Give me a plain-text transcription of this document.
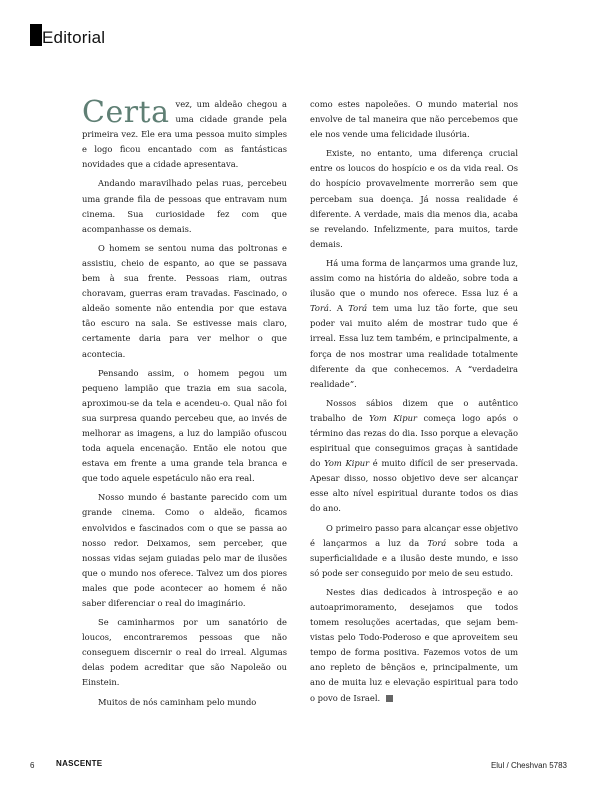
Editorial

Certa vez, um aldeão chegou a uma cidade grande pela primeira vez. Ele era uma pessoa muito simples e logo ficou encantado com as fantásticas novidades que a cidade apresentava.

Andando maravilhado pelas ruas, percebeu uma grande fila de pessoas que entravam num cinema. Sua curiosidade fez com que acompanhasse os demais.

O homem se sentou numa das poltronas e assistiu, cheio de espanto, ao que se passava bem à sua frente. Pessoas riam, outras choravam, guerras eram travadas. Fascinado, o aldeão somente não entendia por que estava tão escuro na sala. Se estivesse mais claro, certamente daria para ver melhor o que acontecia.

Pensando assim, o homem pegou um pequeno lampião que trazia em sua sacola, aproximou-se da tela e acendeu-o. Qual não foi sua surpresa quando percebeu que, ao invés de melhorar as imagens, a luz do lampião ofuscou toda aquela encenação. Então ele notou que estava em frente a uma grande tela branca e que todo aquele espetáculo não era real.

Nosso mundo é bastante parecido com um grande cinema. Como o aldeão, ficamos envolvidos e fascinados com o que se passa ao nosso redor. Deixamos, sem perceber, que nossas vidas sejam guiadas pelo mar de ilusões que o mundo nos oferece. Talvez um dos piores males que pode acontecer ao homem é não saber diferenciar o real do imaginário.

Se caminharmos por um sanatório de loucos, encontraremos pessoas que não conseguem discernir o real do irreal. Algumas delas podem acreditar que são Napoleão ou Einstein.

Muitos de nós caminham pelo mundo

como estes napoleões. O mundo material nos envolve de tal maneira que não percebemos que ele nos vende uma felicidade ilusória.

Existe, no entanto, uma diferença crucial entre os loucos do hospício e os da vida real. Os do hospício provavelmente morrerão sem que percebam sua doença. Já nossa realidade é diferente. A verdade, mais dia menos dia, acaba se revelando. Infelizmente, para muitos, tarde demais.

Há uma forma de lançarmos uma grande luz, assim como na história do aldeão, sobre toda a ilusão que o mundo nos oferece. Essa luz é a Torá. A Torá tem uma luz tão forte, que seu poder vai muito além de mostrar tudo que é irreal. Essa luz tem também, e principalmente, a força de nos mostrar uma realidade totalmente diferente da que conhecemos. A “verdadeira realidade”.

Nossos sábios dizem que o autêntico trabalho de Yom Kipur começa logo após o término das rezas do dia. Isso porque a elevação espiritual que conseguimos graças à santidade do Yom Kipur é muito difícil de ser preservada. Apesar disso, nosso objetivo deve ser alcançar esse alto nível espiritual durante todos os dias do ano.

O primeiro passo para alcançar esse objetivo é lançarmos a luz da Torá sobre toda a superficialidade e a ilusão deste mundo, e isso só pode ser conseguido por meio de seu estudo.

Nestes dias dedicados à introspeção e ao autoaprimoramento, desejamos que todos tomem resoluções acertadas, que sejam bem-vistas pelo Todo-Poderoso e que aproveitem seu tempo de forma positiva. Fazemos votos de um ano repleto de bênçãos e, principalmente, um ano de muita luz e elevação espiritual para todo o povo de Israel.

6	NASCENTE	Elul / Cheshvan 5783
